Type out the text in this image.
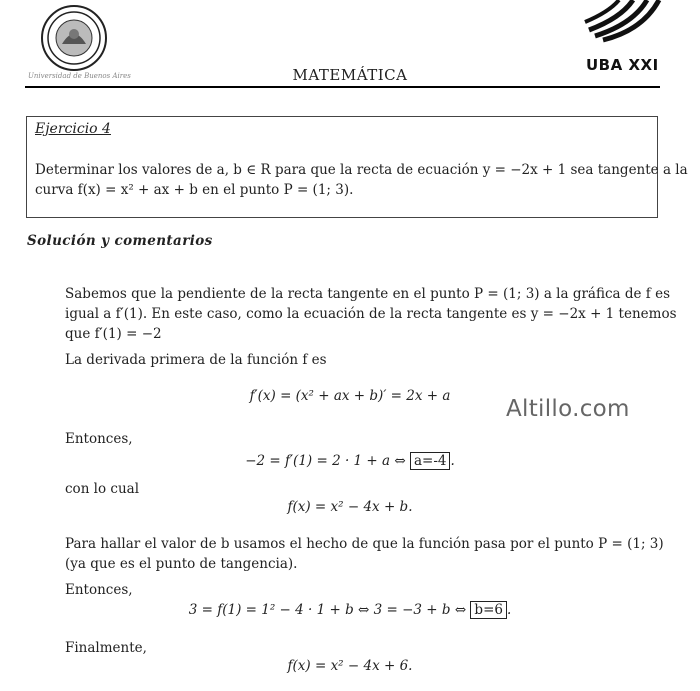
Universidad de Buenos Aires
UBA XXI
MATEMÁTICA
Ejercicio 4
Determinar los valores de a, b ∈ R para que la recta de ecuación y = −2x + 1 sea tangente a la
curva f(x) = x² + ax + b en el punto P = (1; 3).
Solución y comentarios
Sabemos que la pendiente de la recta tangente en el punto P = (1; 3) a la gráfica de f es
igual a f′(1). En este caso, como la ecuación de la recta tangente es y = −2x + 1 tenemos
que f′(1) = −2
La derivada primera de la función f es
f′(x) = (x² + ax + b)′ = 2x + a	Altillo.com
Entonces,
−2 = f′(1) = 2 · 1 + a ⇔ a=-4 .
con lo cual
f(x) = x² − 4x + b.
Para hallar el valor de b usamos el hecho de que la función pasa por el punto P = (1; 3)
(ya que es el punto de tangencia).
Entonces,
3 = f(1) = 1² − 4 · 1 + b ⇔ 3 = −3 + b ⇔ b=6 .
Finalmente,
f(x) = x² − 4x + 6.
